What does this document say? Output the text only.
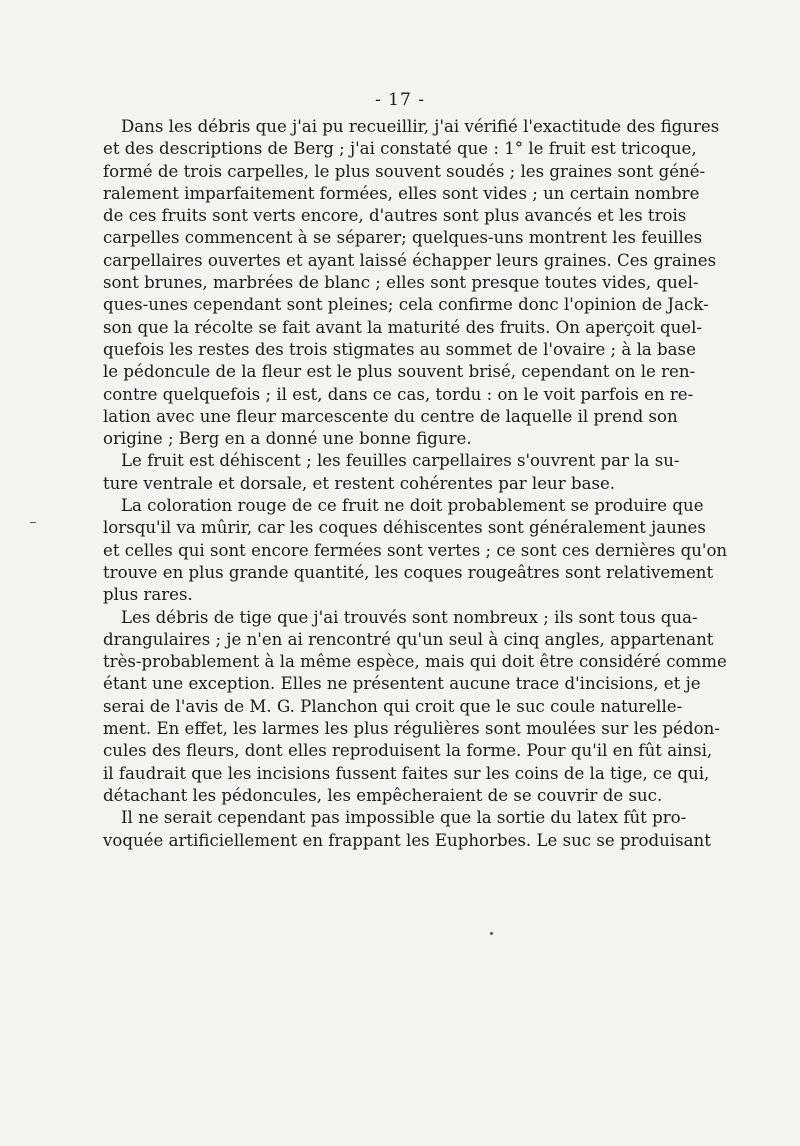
- 17 -
Dans les débris que j'ai pu recueillir, j'ai vérifié l'exactitude des figures
et des descriptions de Berg ; j'ai constaté que : 1° le fruit est tricoque,
formé de trois carpelles, le plus souvent soudés ; les graines sont géné-
ralement imparfaitement formées, elles sont vides ; un certain nombre
de ces fruits sont verts encore, d'autres sont plus avancés et les trois
carpelles commencent à se séparer; quelques-uns montrent les feuilles
carpellaires ouvertes et ayant laissé échapper leurs graines. Ces graines
sont brunes, marbrées de blanc ; elles sont presque toutes vides, quel-
ques-unes cependant sont pleines; cela confirme donc l'opinion de Jack-
son que la récolte se fait avant la maturité des fruits. On aperçoit quel-
quefois les restes des trois stigmates au sommet de l'ovaire ; à la base
le pédoncule de la fleur est le plus souvent brisé, cependant on le ren-
contre quelquefois ; il est, dans ce cas, tordu : on le voit parfois en re-
lation avec une fleur marcescente du centre de laquelle il prend son
origine ; Berg en a donné une bonne figure.
Le fruit est déhiscent ; les feuilles carpellaires s'ouvrent par la su-
ture ventrale et dorsale, et restent cohérentes par leur base.
La coloration rouge de ce fruit ne doit probablement se produire que
lorsqu'il va mûrir, car les coques déhiscentes sont généralement jaunes
et celles qui sont encore fermées sont vertes ; ce sont ces dernières qu'on
trouve en plus grande quantité, les coques rougeâtres sont relativement
plus rares.
Les débris de tige que j'ai trouvés sont nombreux ; ils sont tous qua-
drangulaires ; je n'en ai rencontré qu'un seul à cinq angles, appartenant
très-probablement à la même espèce, mais qui doit être considéré comme
étant une exception. Elles ne présentent aucune trace d'incisions, et je
serai de l'avis de M. G. Planchon qui croit que le suc coule naturelle-
ment. En effet, les larmes les plus régulières sont moulées sur les pédon-
cules des fleurs, dont elles reproduisent la forme. Pour qu'il en fût ainsi,
il faudrait que les incisions fussent faites sur les coins de la tige, ce qui,
détachant les pédoncules, les empêcheraient de se couvrir de suc.
Il ne serait cependant pas impossible que la sortie du latex fût pro-
voquée artificiellement en frappant les Euphorbes. Le suc se produisant
